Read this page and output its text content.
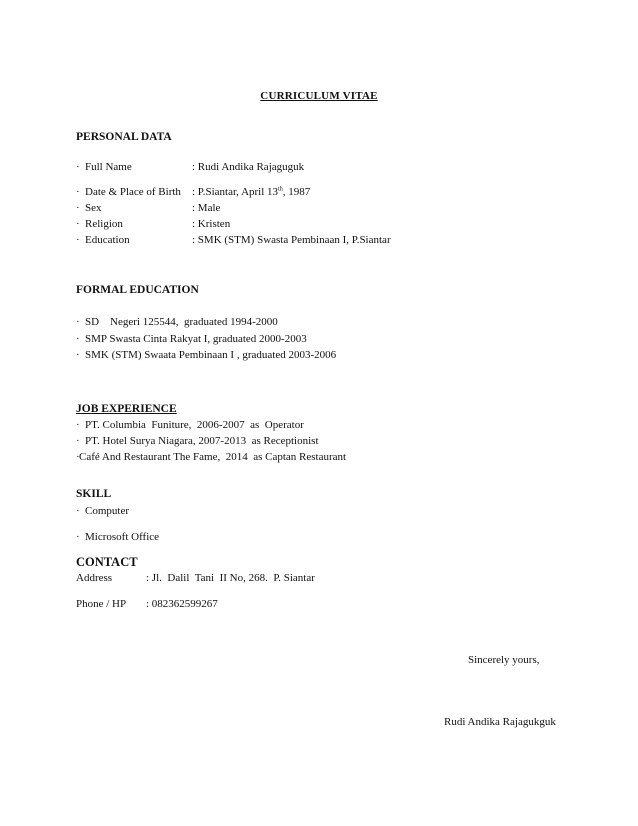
CURRICULUM VITAE
PERSONAL DATA
· Full Name	: Rudi Andika Rajaguguk
· Date & Place of Birth : P.Siantar, April 13th, 1987
· Sex	: Male
· Religion	: Kristen
· Education	: SMK (STM) Swasta Pembinaan I, P.Siantar
FORMAL EDUCATION
· SD    Negeri 125544,  graduated 1994-2000
· SMP Swasta Cinta Rakyat I, graduated 2000-2003
· SMK (STM) Swaata Pembinaan I , graduated 2003-2006
JOB EXPERIENCE
· PT. Columbia  Funiture,  2006-2007  as  Operator
· PT. Hotel Surya Niagara, 2007-2013  as Receptionist
·Café And Restaurant The Fame,  2014  as Captan Restaurant
SKILL
· Computer
· Microsoft Office
CONTACT
Address	: Jl.  Dalil  Tani  II No, 268.  P. Siantar
Phone / HP : 082362599267
Sincerely yours,
Rudi Andika Rajagukguk
